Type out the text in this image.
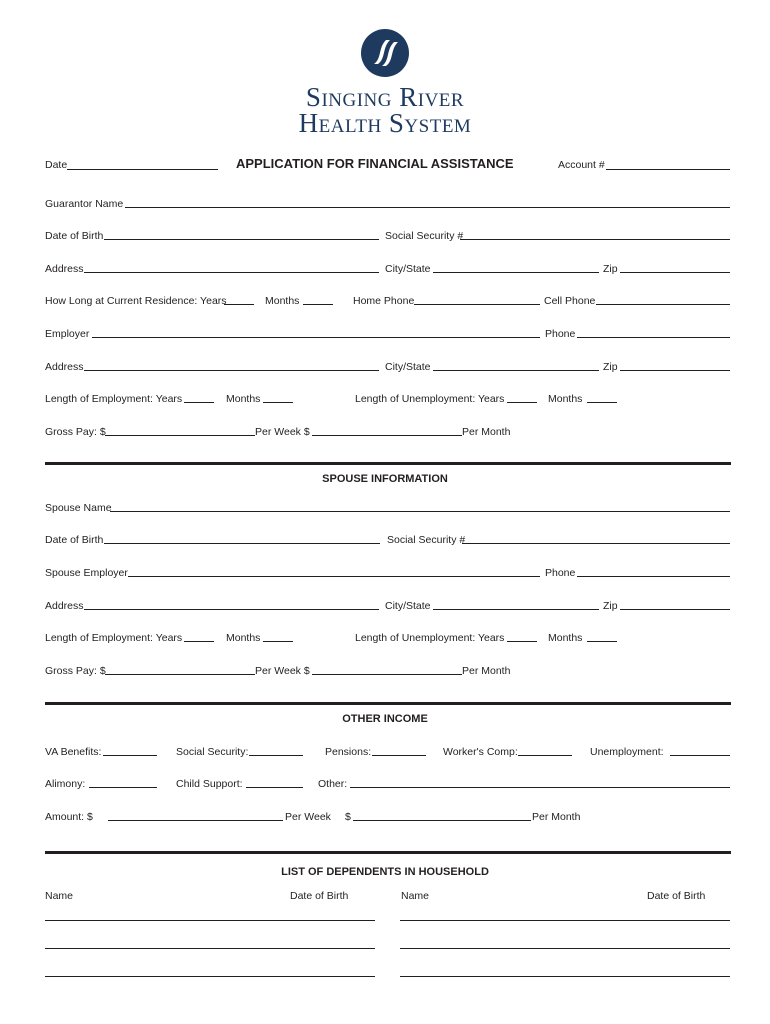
Singing River
Health System
Date	APPLICATION FOR FINANCIAL ASSISTANCE	Account #
Guarantor Name
Date of Birth	Social Security #
Address	City/State	Zip
How Long at Current Residence: Years	Months	Home Phone	Cell Phone
Employer	Phone
Address	City/State	Zip
Length of Employment: Years	Months	Length of Unemployment: Years	Months
Gross Pay: $	Per Week $	Per Month
SPOUSE INFORMATION
Spouse Name
Date of Birth	Social Security #
Spouse Employer	Phone
Address	City/State	Zip
Length of Employment: Years	Months	Length of Unemployment: Years	Months
Gross Pay: $	Per Week $	Per Month
OTHER INCOME
VA Benefits:	Social Security:	Pensions:	Worker's Comp:	Unemployment:
Alimony:	Child Support:	Other:
Amount: $	Per Week $	Per Month
LIST OF DEPENDENTS IN HOUSEHOLD
Name	Date of Birth	Name	Date of Birth
